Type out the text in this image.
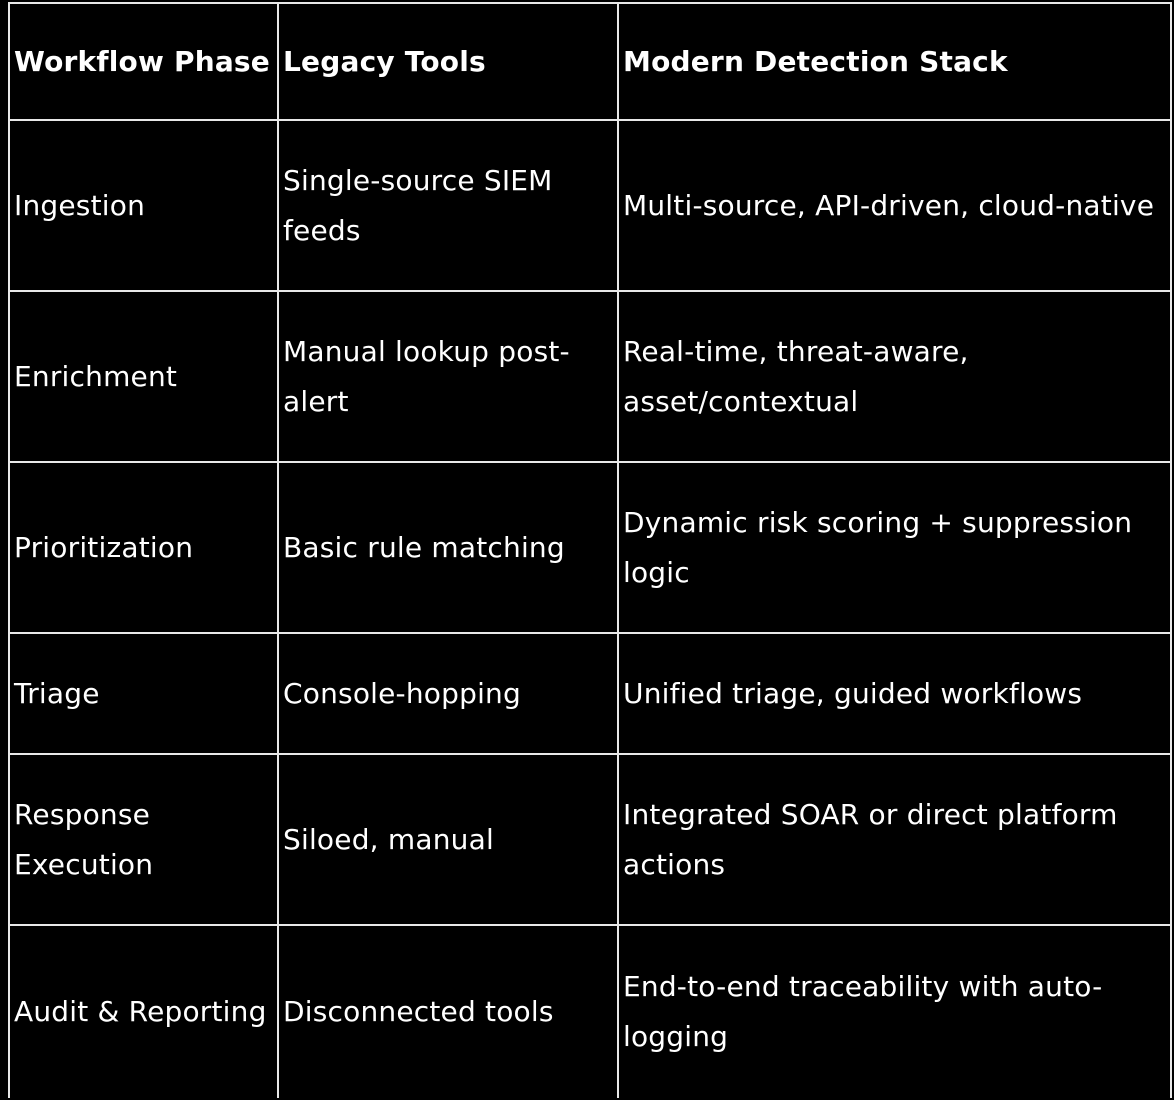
Workflow Phase	Legacy Tools	Modern Detection Stack
Ingestion	Single-source SIEM feeds	Multi-source, API-driven, cloud-native
Enrichment	Manual lookup post-alert	Real-time, threat-aware, asset/contextual
Prioritization	Basic rule matching	Dynamic risk scoring + suppression logic
Triage	Console-hopping	Unified triage, guided workflows
Response Execution	Siloed, manual	Integrated SOAR or direct platform actions
Audit & Reporting	Disconnected tools	End-to-end traceability with auto-logging
